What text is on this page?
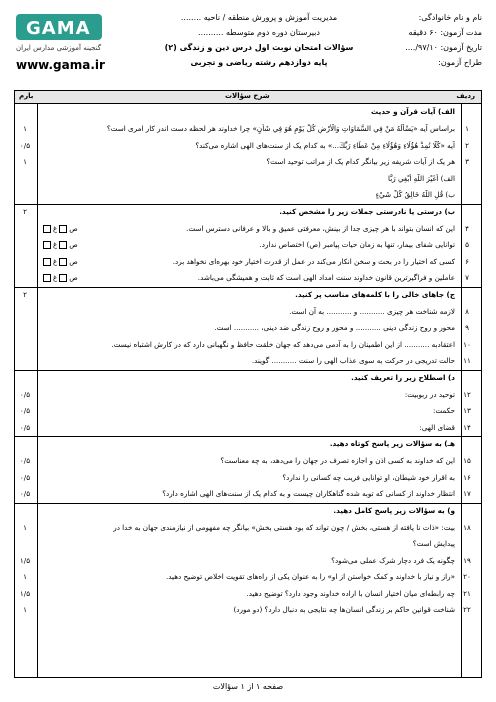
GAMA
گنجینه آموزشی مدارس ایران
www.gama.ir
مدیریت آموزش و پرورش منطقه / ناحیه ........
دبیرستان دوره دوم متوسطه ..........
سؤالات امتحان نوبت اول درس دین و زندگی (۲)
پایه دوازدهم رشته ریاضی و تجربی
نام و نام خانوادگی:
مدت آزمون: ۶۰ دقیقه
تاریخ آزمون: ۹۷/۱۰/....
طراح آزمون:
ردیف
شرح سؤالات
بارم
الف) آیات قرآن و حدیث
۱
براساس آیه «يَسْأَلُهُ مَنْ فِي السَّمَاوَاتِ وَالْأَرْضِ كُلَّ يَوْمٍ هُوَ فِي شَأْنٍ» چرا خداوند هر لحظه دست اندر کار امری است؟
۱
۲
آیه «كُلًّا نُمِدُّ هَٰؤُلَاءِ وَهَٰؤُلَاءِ مِنْ عَطَاءِ رَبِّكَ...» به کدام یک از سنت‌های الهی اشاره می‌کند؟
۰/۵
۳
هر یک از آیات شریفه زیر بیانگر کدام یک از مراتب توحید است؟
۱
الف) أَغَيْرَ اللَّهِ أَبْغِي رَبًّا
ب) قُلِ اللَّهُ خَالِقُ كُلِّ شَيْءٍ
ب) درستی یا نادرستی جملات زیر را مشخص کنید.
۲
۴
این که انسان بتواند با هر چیزی جدا از بینش، معرفتی عمیق و بالا و عرفانی دسترس است.
صغ
۵
توانایی شفای بیمار، تنها به زمان حیات پیامبر (ص) اختصاص ندارد.
صغ
۶
کسی که اختیار را در بحث و سخن انکار می‌کند در عمل از قدرت اختیار خود بهره‌ای نخواهد برد.
صغ
۷
عاملین و فراگیرترین قانون خداوند سنت امداد الهی است که ثابت و همیشگی می‌باشد.
صغ
ج) جاهای خالی را با کلمه‌های مناسب پر کنید.
۲
۸
لازمه شناخت هر چیزی ........... و ........... به آن است.
۹
محور و روح زندگی دینی ........... و محور و روح زندگی ضد دینی، ........... است.
۱۰
اعتقادبه ........... از این اطمینان را به آدمی می‌دهد که جهان خلقت حافظ و نگهبانی دارد که در کارش اشتباه نیست.
۱۱
حالت تدریجی در حرکت به سوی عذاب الهی را سنت ........... گویند.
د) اصطلاح زیر را تعریف کنید.
۱۲
توحید در ربوبیت:
۰/۵
۱۳
حکمت:
۰/۵
۱۴
قضای الهی:
۰/۵
هـ) به سؤالات زیر پاسخ کوتاه دهید.
۱۵
این که خداوند به کسی اذن و اجازه تصرف در جهان را می‌دهد، به چه معناست؟
۰/۵
۱۶
به اقرار خود شیطان، او توانایی فریب چه کسانی را ندارد؟
۰/۵
۱۷
انتظار خداوند از کسانی که توبه شده گناهکاران چیست و به کدام یک از سنت‌های الهی اشاره دارد؟
۰/۵
و) به سؤالات زیر پاسخ کامل دهید.
۱۸
بیت: «ذات نا یافته از هستی، بخش / چون تواند که بود هستی بخش» بیانگر چه مفهومی از نیازمندی جهان به خدا در
۱
پیدایش است؟
۱۹
چگونه یک فرد دچار شرک عملی می‌شود؟
۱/۵
۲۰
«راز و نیاز با خداوند و کمک خواستن از او» را به عنوان یکی از راه‌های تقویت اخلاص توضیح دهید.
۱
۲۱
چه رابطه‌ای میان اختیار انسان با اراده خداوند وجود دارد؟ توضیح دهید.
۱/۵
۲۲
شناخت قوانین حاکم بر زندگی انسان‌ها چه نتایجی به دنبال دارد؟ (دو مورد)
۱
صفحه ۱ از ۱ سؤالات
